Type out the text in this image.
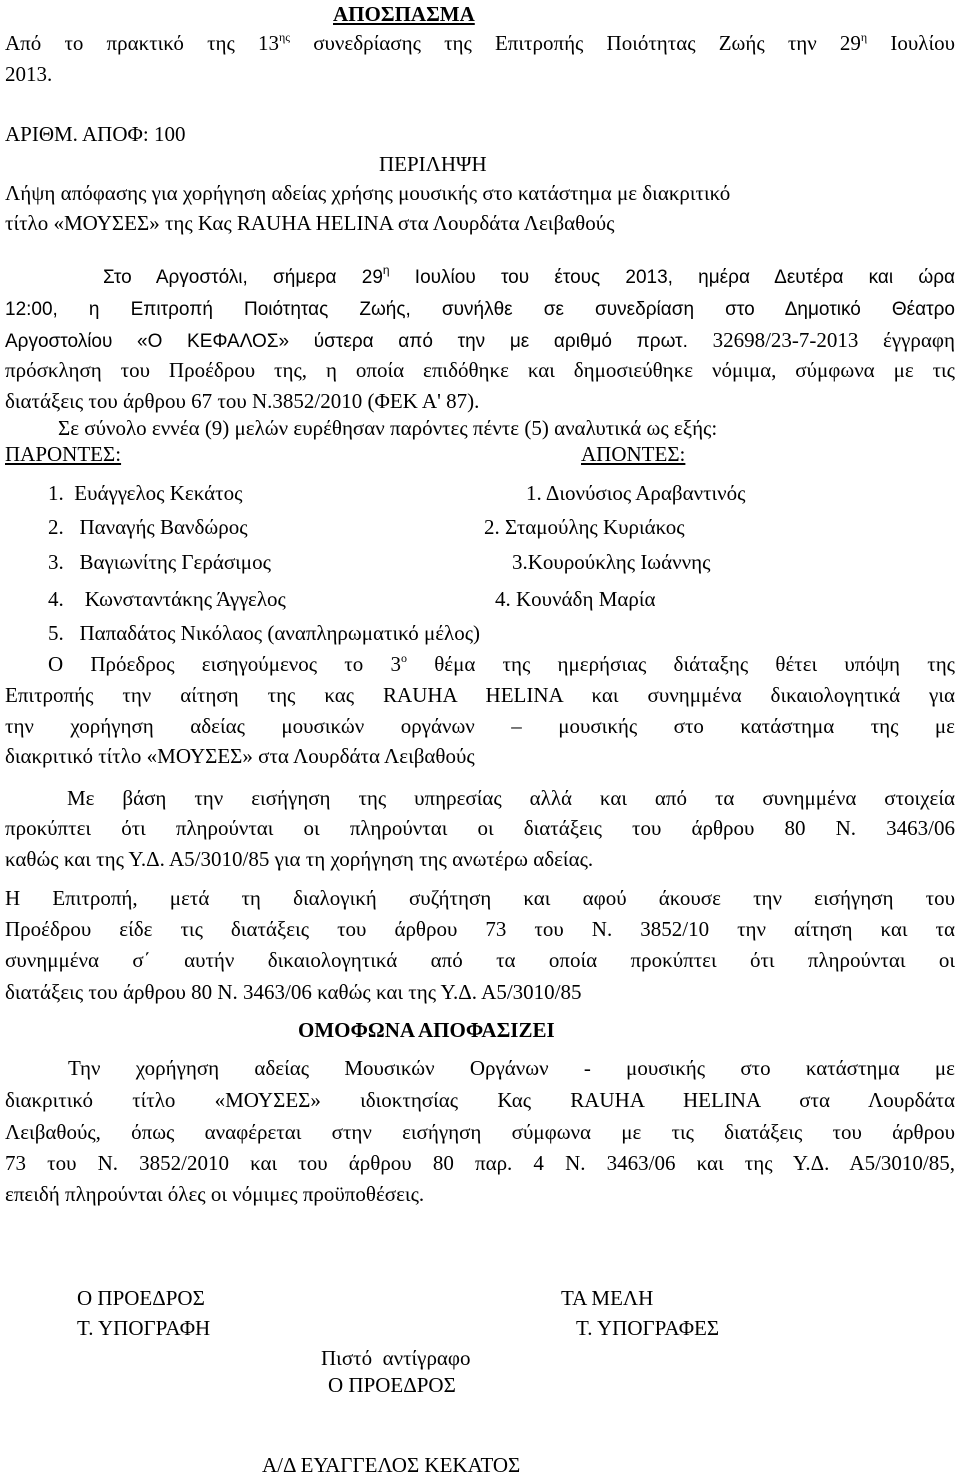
ΑΠΟΣΠΑΣΜΑ
Από το πρακτικό της $13^{\eta\varsigma}$ συνεδρίασης της Επιτροπής Ποιότητας Ζωής την $29^\eta$ Ιουλίου
2013.
ΑΡΙΘΜ. ΑΠΟΦ: 100
ΠΕΡΙΛΗΨΗ
Λήψη απόφασης για χορήγηση αδείας χρήσης μουσικής στο κατάστημα με διακριτικό
τίτλο «ΜΟΥΣΕΣ» της Κας RAUHA HELINA στα Λουρδάτα Λειβαθούς
Στο Αργοστόλι, σήμερα $29^\eta$ Ιουλίου του έτους 2013, ημέρα Δευτέρα και ώρα
12:00, η Επιτροπή Ποιότητας Ζωής, συνήλθε σε συνεδρίαση στο Δημοτικό Θέατρο
Αργοστολίου «Ο ΚΕΦΑΛΟΣ» ύστερα από την με αριθμό πρωτ. 32698/23-7-2013 έγγραφη
πρόσκληση του Προέδρου της, η οποία επιδόθηκε και δημοσιεύθηκε νόμιμα, σύμφωνα με τις
διατάξεις του άρθρου 67 του Ν.3852/2010 (ΦΕΚ Α' 87).
Σε σύνολο εννέα (9) μελών ευρέθησαν παρόντες πέντε (5) αναλυτικά ως εξής:
ΠΑΡΟΝΤΕΣ:	ΑΠΟΝΤΕΣ:
1.  Ευάγγελος Κεκάτος
2.   Παναγής Βανδώρος
3.   Βαγιωνίτης Γεράσιμος
4.    Κωνσταντάκης Άγγελος
5.   Παπαδάτος Νικόλαος (αναπληρωματικό μέλος)
1. Διονύσιος Αραβαντινός
2. Σταμούλης Κυριάκος
3.Κουρούκλης Ιωάννης
4. Κουνάδη Μαρία
Ο Πρόεδρος εισηγούμενος το $3^o$ θέμα της ημερήσιας διάταξης θέτει υπόψη της
Επιτροπής την αίτηση της κας RAUHA HELINA και συνημμένα δικαιολογητικά για
την χορήγηση αδείας μουσικών οργάνων – μουσικής στο κατάστημα της με
διακριτικό τίτλο «ΜΟΥΣΕΣ» στα Λουρδάτα Λειβαθούς
Με βάση την εισήγηση της υπηρεσίας αλλά και από τα συνημμένα στοιχεία
προκύπτει ότι πληρούνται οι πληρούνται οι διατάξεις του άρθρου 80 Ν. 3463/06
καθώς και της Υ.Δ. Α5/3010/85 για τη χορήγηση της ανωτέρω αδείας.
Η Επιτροπή, μετά τη διαλογική συζήτηση και αφού άκουσε την εισήγηση του
Προέδρου είδε τις διατάξεις του άρθρου 73 του Ν. 3852/10 την αίτηση και τα
συνημμένα σ΄ αυτήν δικαιολογητικά από τα οποία προκύπτει ότι πληρούνται οι
διατάξεις του άρθρου 80 Ν. 3463/06 καθώς και της Υ.Δ. Α5/3010/85
ΟΜΟΦΩΝΑ ΑΠΟΦΑΣΙΖΕΙ
Την χορήγηση αδείας Μουσικών Οργάνων - μουσικής στο κατάστημα με
διακριτικό τίτλο «ΜΟΥΣΕΣ» ιδιοκτησίας Κας RAUHA HELINA στα Λουρδάτα
Λειβαθούς, όπως αναφέρεται στην εισήγηση σύμφωνα με τις διατάξεις του άρθρου
73 του Ν. 3852/2010 και του άρθρου 80 παρ. 4 Ν. 3463/06 και της Υ.Δ. Α5/3010/85,
επειδή πληρούνται όλες οι νόμιμες προϋποθέσεις.
Ο ΠΡΟΕΔΡΟΣ
Τ. ΥΠΟΓΡΑΦΗ
ΤΑ ΜΕΛΗ
Τ. ΥΠΟΓΡΑΦΕΣ
Πιστό  αντίγραφο
Ο ΠΡΟΕΔΡΟΣ
Α/Δ ΕΥΑΓΓΕΛΟΣ ΚΕΚΑΤΟΣ
